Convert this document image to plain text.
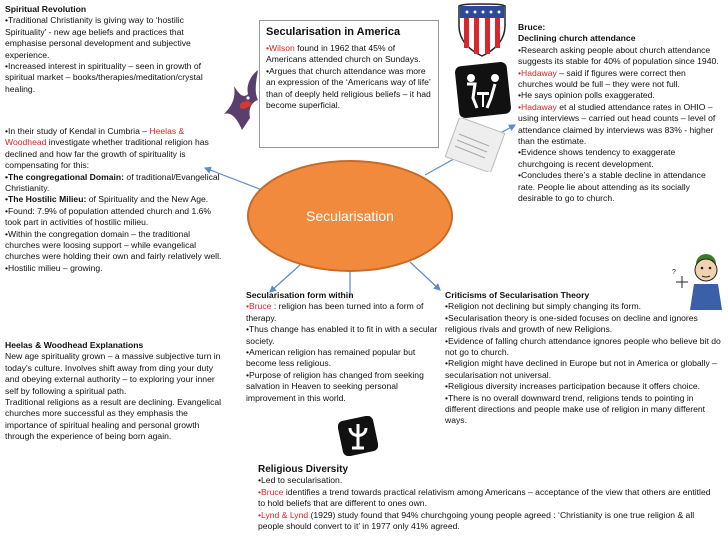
Spiritual Revolution

•Traditional Christianity is giving way to ‘hostilic Spirituality’ - new age beliefs and practices that emphasise personal development and subjective experience.

•Increased interest in spirituality – seen in growth of spiritual market – books/therapies/meditation/crystal healing.

•In their study of Kendal in Cumbria – Heelas & Woodhead investigate whether traditional religion has declined and how far the growth of spirituality is compensating for this:

•The congregational Domain: of traditional/Evangelical Christianity.

•The Hostilic Milieu: of Spirituality and the New Age.

•Found: 7.9% of population attended church and 1.6% took part in activities of hostilic milieu.

•Within the congregation domain – the traditional churches were loosing support – while evangelical churches were holding their own and fairly relatively well.

•Hostilic milieu – growing.

Heelas & Woodhead Explanations

New age spirituality grown – a massive subjective turn in today's culture. Involves shift away from ding your duty and obeying external authority – to exploring your inner self by following a spiritual path.

Traditional religions as a result are declining. Evangelical churches more successful as they emphasis the importance of spiritual healing and personal growth through the experience of being born again.

Secularisation in America

•Wilson found in 1962 that 45% of Americans attended church on Sundays.

•Argues that church attendance was more an expression of the ‘Americans way of life’ than of deeply held religious beliefs – it had become superficial.

Bruce:

Declining church attendance

•Research asking people about church attendance suggests its stable for 40% of population since 1940.

•Hadaway – said if figures were correct then churches would be full – they were not full.

•He says opinion polls exaggerated.

•Hadaway et al studied attendance rates in OHIO – using interviews – carried out head counts – level of attendance claimed by interviews was 83% - higher than the estimate.

•Evidence shows tendency to exaggerate churchgoing is recent development.

•Concludes there’s a stable decline in attendance rate. People lie about attending as its socially desirable to go to church.

Secularisation

Secularisation form within

•Bruce : religion has been turned into a form of therapy.

•Thus change has enabled it to fit in with a secular society.

•American religion has remained popular but become less religious.

•Purpose of religion has changed from seeking salvation in Heaven to seeking personal improvement in this world.

Criticisms of Secularisation Theory

•Religion not declining but simply changing its form.

•Secularisation theory is one-sided focuses on decline and ignores religious rivals and growth of new Religions.

•Evidence of falling church attendance ignores people who believe bit do not go to church.

•Religion might have declined in Europe but not in America or globally – secularisation not universal.

•Religious diversity increases participation because it offers choice.

•There is no overall downward trend, religions tends to pointing in different directions and people make use of religion in many different ways.

?

Religious Diversity

•Led to secularisation.

•Bruce identifies a trend towards practical relativism among Americans – acceptance of the view that others are entitled to hold beliefs that are different to ones own.

•Lynd & Lynd (1929) study found that 94% churchgoing young people agreed : ‘Christianity is one true religion & all people should convert to it’ in 1977 only 41% agreed.
